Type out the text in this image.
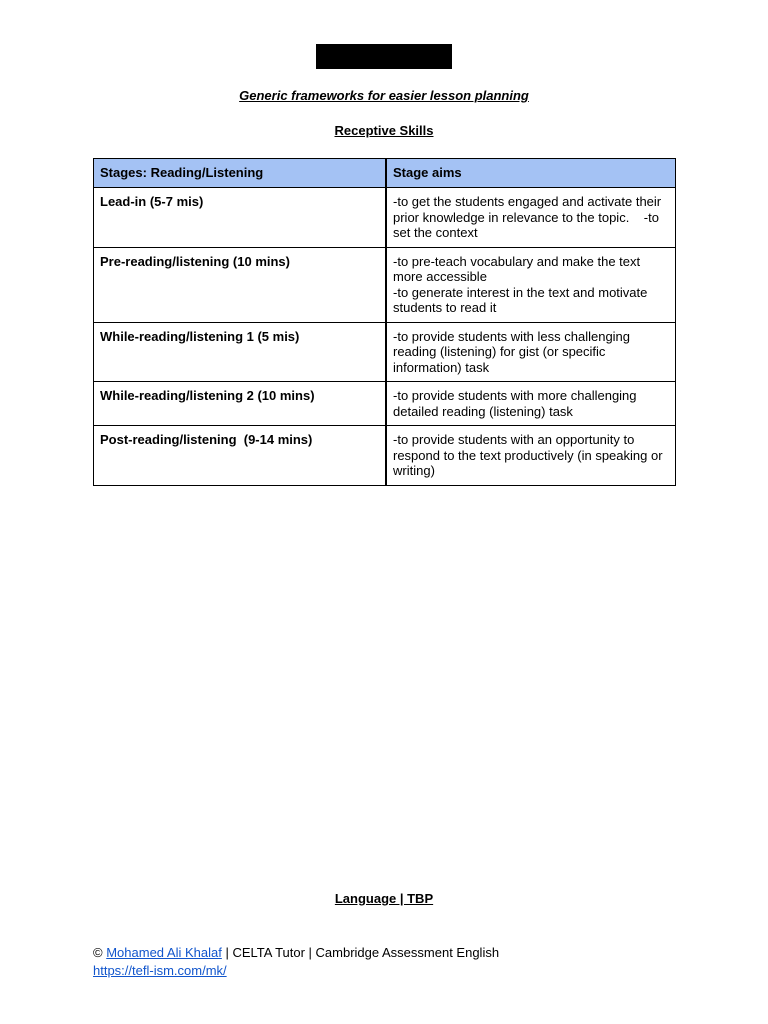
Generic frameworks for easier lesson planning
Receptive Skills
Stages: Reading/Listening	Stage aims
Lead-in (5-7 mis)	-to get the students engaged and activate their prior knowledge in relevance to the topic.    -to set the context

Pre-reading/listening (10 mins)	-to pre-teach vocabulary and make the text more accessible
-to generate interest in the text and motivate students to read it

While-reading/listening 1 (5 mis)	-to provide students with less challenging reading (listening) for gist (or specific information) task

While-reading/listening 2 (10 mins)	-to provide students with more challenging detailed reading (listening) task

Post-reading/listening  (9-14 mins)	-to provide students with an opportunity to respond to the text productively (in speaking or writing)
Language | TBP
© Mohamed Ali Khalaf | CELTA Tutor | Cambridge Assessment English
https://tefl-ism.com/mk/
